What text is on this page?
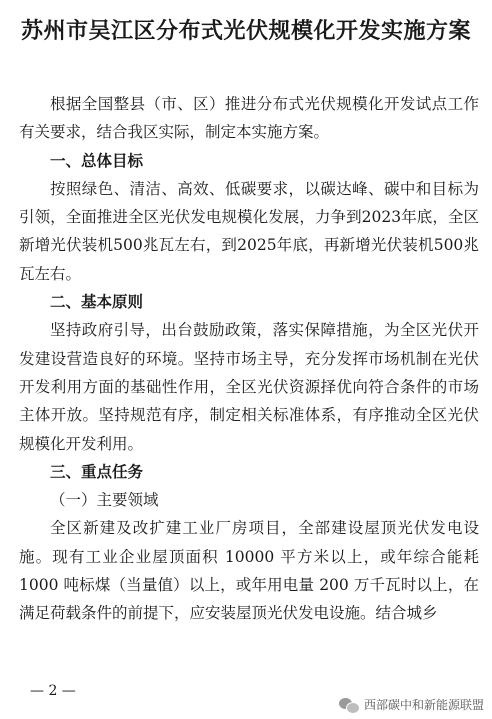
苏州市吴江区分布式光伏规模化开发实施方案

根据全国整县（市、区）推进分布式光伏规模化开发试点工作有关要求，结合我区实际，制定本实施方案。

一、总体目标

按照绿色、清洁、高效、低碳要求，以碳达峰、碳中和目标为引领，全面推进全区光伏发电规模化发展，力争到2023年底，全区新增光伏装机500兆瓦左右，到2025年底，再新增光伏装机500兆瓦左右。

二、基本原则

坚持政府引导，出台鼓励政策，落实保障措施，为全区光伏开发建设营造良好的环境。坚持市场主导，充分发挥市场机制在光伏开发利用方面的基础性作用，全区光伏资源择优向符合条件的市场主体开放。坚持规范有序，制定相关标准体系，有序推动全区光伏规模化开发利用。

三、重点任务

（一）主要领域

全区新建及改扩建工业厂房项目，全部建设屋顶光伏发电设施。现有工业企业屋顶面积 10000 平方米以上，或年综合能耗1000 吨标煤（当量值）以上，或年用电量 200 万千瓦时以上，在满足荷载条件的前提下，应安装屋顶光伏发电设施。结合城乡

— 2 —
西部碳中和新能源联盟
